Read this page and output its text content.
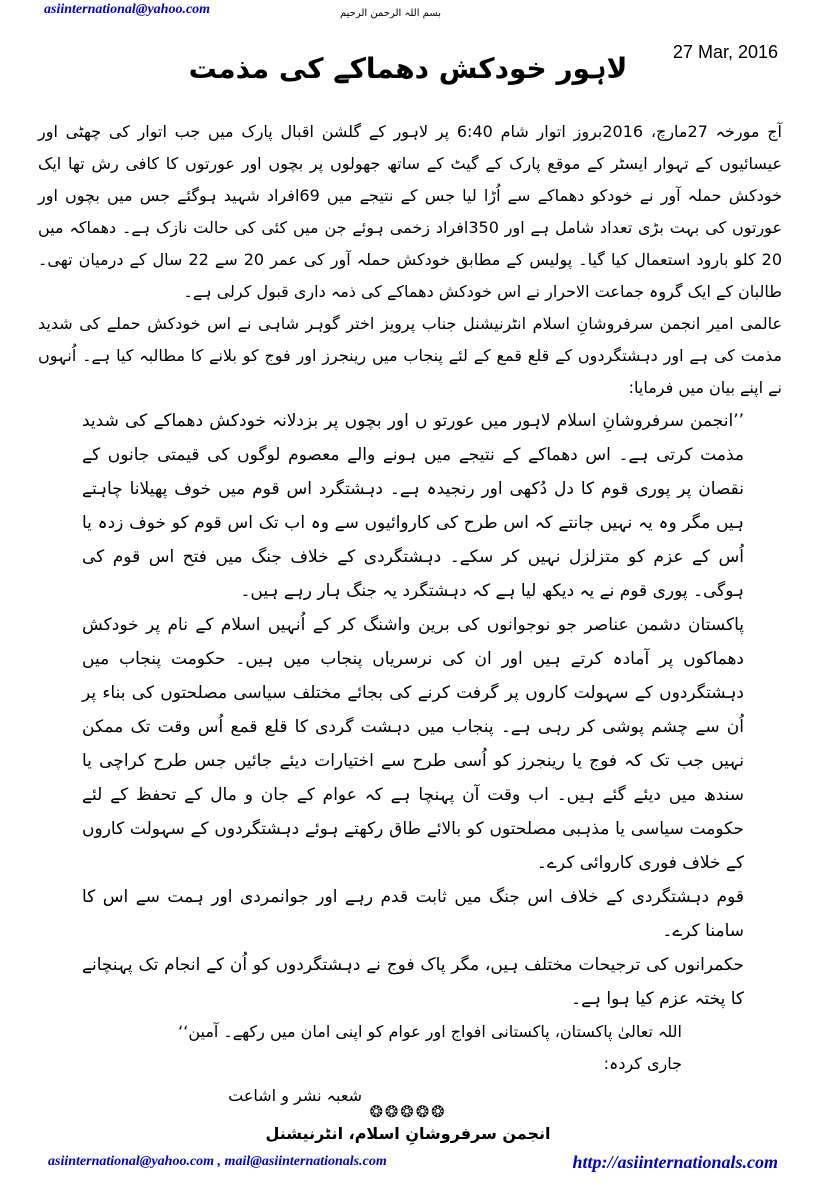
asiinternational@yahoo.com	بسم اللہ الرحمن الرحیم
27 Mar, 2016
لاہور خودکش دھماکے کی مذمت

آج مورخہ 27مارچ، 2016بروز اتوار شام 6:40 پر لاہور کے گلشن اقبال پارک میں جب اتوار کی چھٹی اور عیسائیوں کے تہوار ایسٹر کے موقع پارک کے گیٹ کے ساتھ جھولوں پر بچوں اور عورتوں کا کافی رش تھا ایک خودکش حملہ آور نے خودکو دھماکے سے اُڑا لیا جس کے نتیجے میں 69افراد شہید ہوگئے جس میں بچوں اور عورتوں کی بہت بڑی تعداد شامل ہے اور 350افراد زخمی ہوئے جن میں کئی کی حالت نازک ہے۔ دھماکہ میں 20 کلو بارود استعمال کیا گیا۔ پولیس کے مطابق خودکش حملہ آور کی عمر 20 سے 22 سال کے درمیان تھی۔ طالبان کے ایک گروہ جماعت الاحرار نے اس خودکش دھماکے کی ذمہ داری قبول کرلی ہے۔

عالمی امیر انجمن سرفروشانِ اسلام انٹرنیشنل جناب پرویز اختر گوہر شاہی نے اس خودکش حملے کی شدید مذمت کی ہے اور دہشتگردوں کے قلع قمع کے لئے پنجاب میں رینجرز اور فوج کو بلانے کا مطالبہ کیا ہے۔ اُنہوں نے اپنے بیان میں فرمایا:

’’انجمن سرفروشانِ اسلام لاہور میں عورتو ں اور بچوں پر بزدلانہ خودکش دھماکے کی شدید مذمت کرتی ہے۔ اس دھماکے کے نتیجے میں ہونے والے معصوم لوگوں کی قیمتی جانوں کے نقصان پر پوری قوم کا دل دُکھی اور رنجیدہ ہے۔ دہشتگرد اس قوم میں خوف پھیلانا چاہتے ہیں مگر وہ یہ نہیں جانتے کہ اس طرح کی کاروائیوں سے وہ اب تک اس قوم کو خوف زدہ یا اُس کے عزم کو متزلزل نہیں کر سکے۔ دہشتگردی کے خلاف جنگ میں فتح اس قوم کی ہوگی۔ پوری قوم نے یہ دیکھ لیا ہے کہ دہشتگرد یہ جنگ ہار رہے ہیں۔

پاکستان دشمن عناصر جو نوجوانوں کی برین واشنگ کر کے اُنہیں اسلام کے نام پر خودکش دھماکوں پر آمادہ کرتے ہیں اور ان کی نرسریاں پنجاب میں ہیں۔ حکومت پنجاب میں دہشتگردوں کے سہولت کاروں پر گرفت کرنے کی بجائے مختلف سیاسی مصلحتوں کی بناء پر اُن سے چشم پوشی کر رہی ہے۔ پنجاب میں دہشت گردی کا قلع قمع اُس وقت تک ممکن نہیں جب تک کہ فوج یا رینجرز کو اُسی طرح سے اختیارات دیئے جائیں جس طرح کراچی یا سندھ میں دیئے گئے ہیں۔ اب وقت آن پہنچا ہے کہ عوام کے جان و مال کے تحفظ کے لئے حکومت سیاسی یا مذہبی مصلحتوں کو بالائے طاق رکھتے ہوئے دہشتگردوں کے سہولت کاروں کے خلاف فوری کاروائی کرے۔

قوم دہشتگردی کے خلاف اس جنگ میں ثابت قدم رہے اور جوانمردی اور ہمت سے اس کا سامنا کرے۔

حکمرانوں کی ترجیحات مختلف ہیں، مگر پاک فوج نے دہشتگردوں کو اُن کے انجام تک پہنچانے کا پختہ عزم کیا ہوا ہے۔

اللہ تعالیٰ پاکستان، پاکستانی افواج اور عوام کو اپنی امان میں رکھے۔ آمین‘‘

جاری کردہ:

شعبہ نشر و اشاعت

❂❂❂❂❂
انجمن سرفروشانِ اسلام، انٹرنیشنل
asiinternational@yahoo.com , mail@asiinternationals.com	http://asiinternationals.com
